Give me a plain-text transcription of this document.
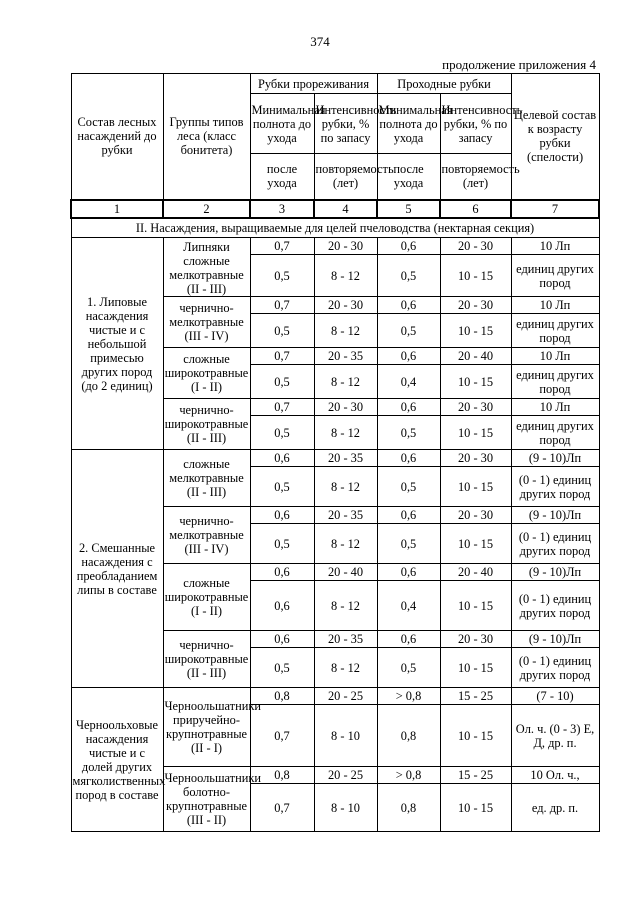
374
продолжение приложения 4
Состав лесных насаждений до рубки	Группы типов леса (класс бонитета)	Рубки прореживания		Проходные рубки		Целевой состав к возрасту рубки (спелости)
		Минимальная полнота до ухода	Интенсивность рубки, % по запасу	Минимальная полнота до ухода	Интенсивность рубки, % по запасу	
		после ухода	повторяемость (лет)	после ухода	повторяемость (лет)	
1	2	3	4	5	6	7
II. Насаждения, выращиваемые для целей пчеловодства (нектарная секция)						
1. Липовые насаждения чистые и с небольшой примесью других пород (до 2 единиц)	Липняки сложные мелкотравные (II - III)	0,7	20 - 30	0,6	20 - 30	10 Лп
		0,5	8 - 12	0,5	10 - 15	единиц других пород
	чернично-мелкотравные (III - IV)	0,7	20 - 30	0,6	20 - 30	10 Лп
		0,5	8 - 12	0,5	10 - 15	единиц других пород
	сложные широкотравные (I - II)	0,7	20 - 35	0,6	20 - 40	10 Лп
		0,5	8 - 12	0,4	10 - 15	единиц других пород
	чернично-широкотравные (II - III)	0,7	20 - 30	0,6	20 - 30	10 Лп
		0,5	8 - 12	0,5	10 - 15	единиц других пород
2. Смешанные насаждения с преобладанием липы в составе	сложные мелкотравные (II - III)	0,6	20 - 35	0,6	20 - 30	(9 - 10)Лп
		0,5	8 - 12	0,5	10 - 15	(0 - 1) единиц других пород
	чернично-мелкотравные (III - IV)	0,6	20 - 35	0,6	20 - 30	(9 - 10)Лп
		0,5	8 - 12	0,5	10 - 15	(0 - 1) единиц других пород
	сложные широкотравные (I - II)	0,6	20 - 40	0,6	20 - 40	(9 - 10)Лп
		0,6	8 - 12	0,4	10 - 15	(0 - 1) единиц других пород
	чернично-широкотравные (II - III)	0,6	20 - 35	0,6	20 - 30	(9 - 10)Лп
		0,5	8 - 12	0,5	10 - 15	(0 - 1) единиц других пород
Черноольховые насаждения чистые и с долей других мягколиственных пород в составе	Черноольшатники приручейно-крупнотравные (II - I)	0,8	20 - 25	> 0,8	15 - 25	(7 - 10)
		0,7	8 - 10	0,8	10 - 15	Ол. ч. (0 - 3) Е, Д, др. п.
	Черноольшатники болотно-крупнотравные (III - II)	0,8	20 - 25	> 0,8	15 - 25	10 Ол. ч.,
		0,7	8 - 10	0,8	10 - 15	ед. др. п.
